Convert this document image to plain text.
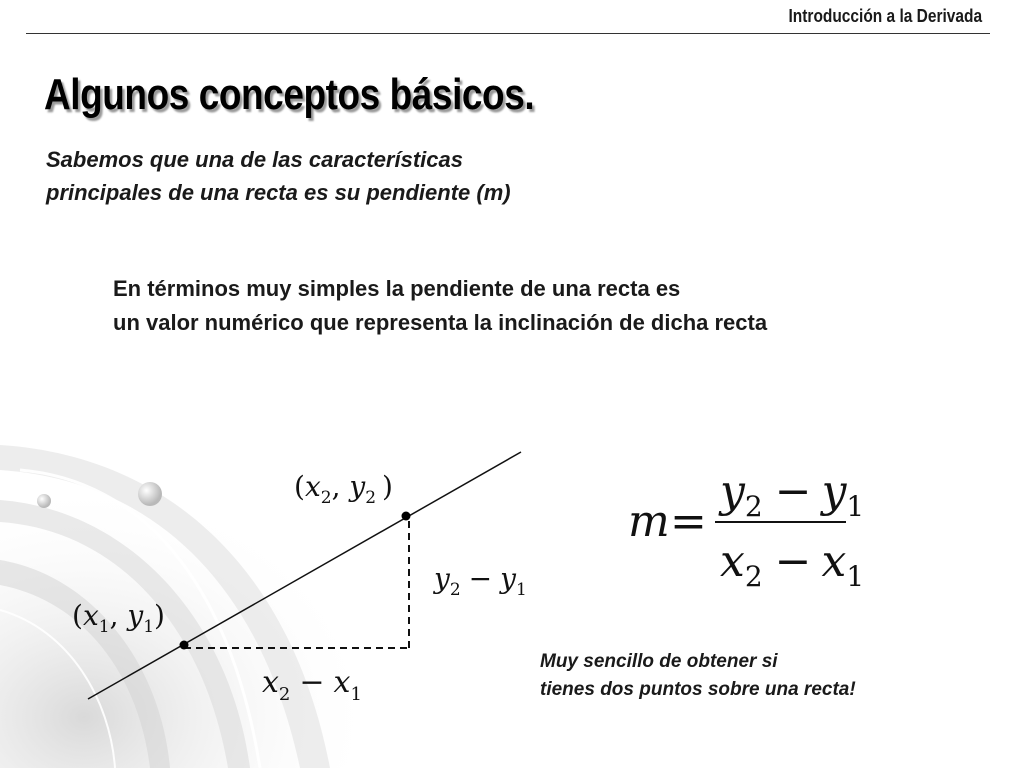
Introducción a la Derivada
Algunos conceptos básicos.

Sabemos que una de las características
principales de una recta es su pendiente (m)

En términos muy simples la pendiente de una recta es
un valor numérico que representa la inclinación de dicha recta

($x_2$, $y_2$ )
($x_1$, $y_1$)
$y_2 - y_1$
$x_2 - x_1$
m =
$y_2 - y_1$
$x_2 - x_1$

Muy sencillo de obtener si
tienes dos puntos sobre una recta!
